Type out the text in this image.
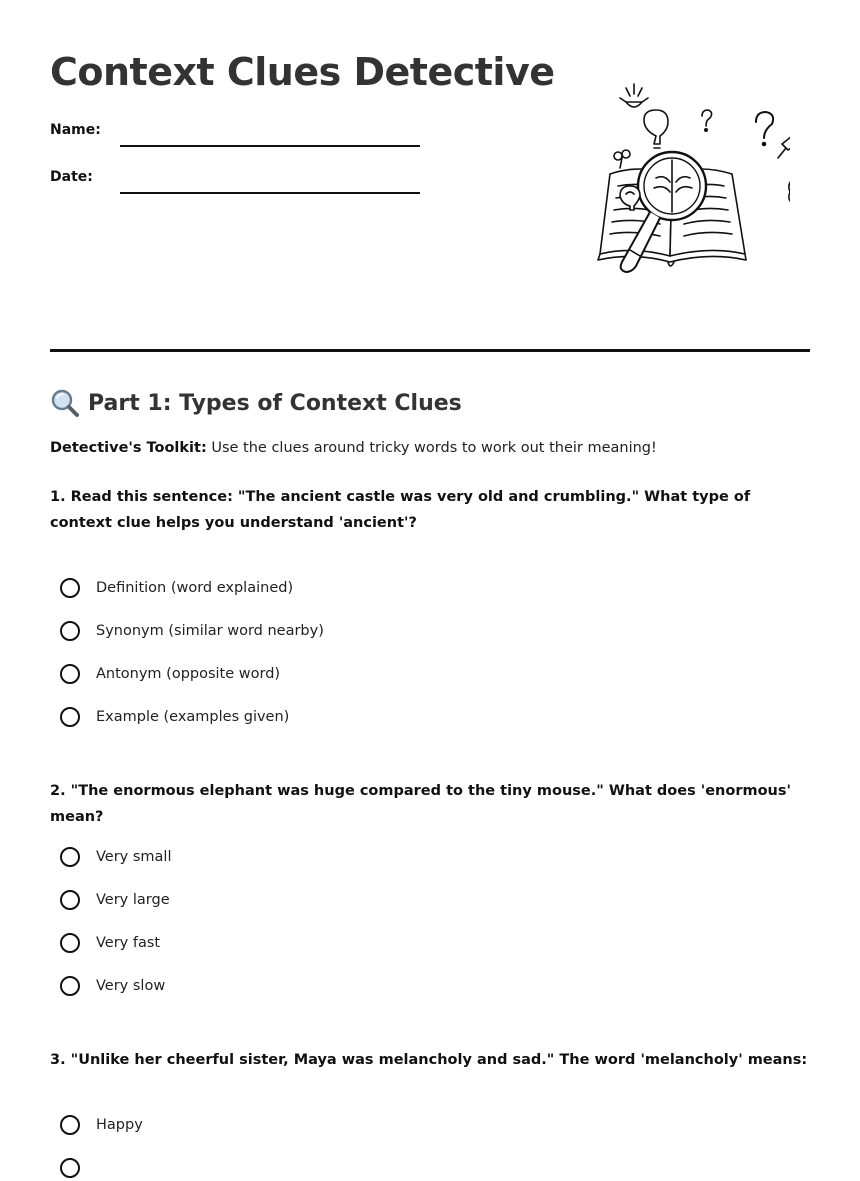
Context Clues Detective
Name:
Date:
Part 1: Types of Context Clues
Detective's Toolkit: Use the clues around tricky words to work out their meaning!
1. Read this sentence: "The ancient castle was very old and crumbling." What type of context clue helps you understand 'ancient'?
Definition (word explained)
Synonym (similar word nearby)
Antonym (opposite word)
Example (examples given)
2. "The enormous elephant was huge compared to the tiny mouse." What does 'enormous' mean?
Very small
Very large
Very fast
Very slow
3. "Unlike her cheerful sister, Maya was melancholy and sad." The word 'melancholy' means:
Happy
